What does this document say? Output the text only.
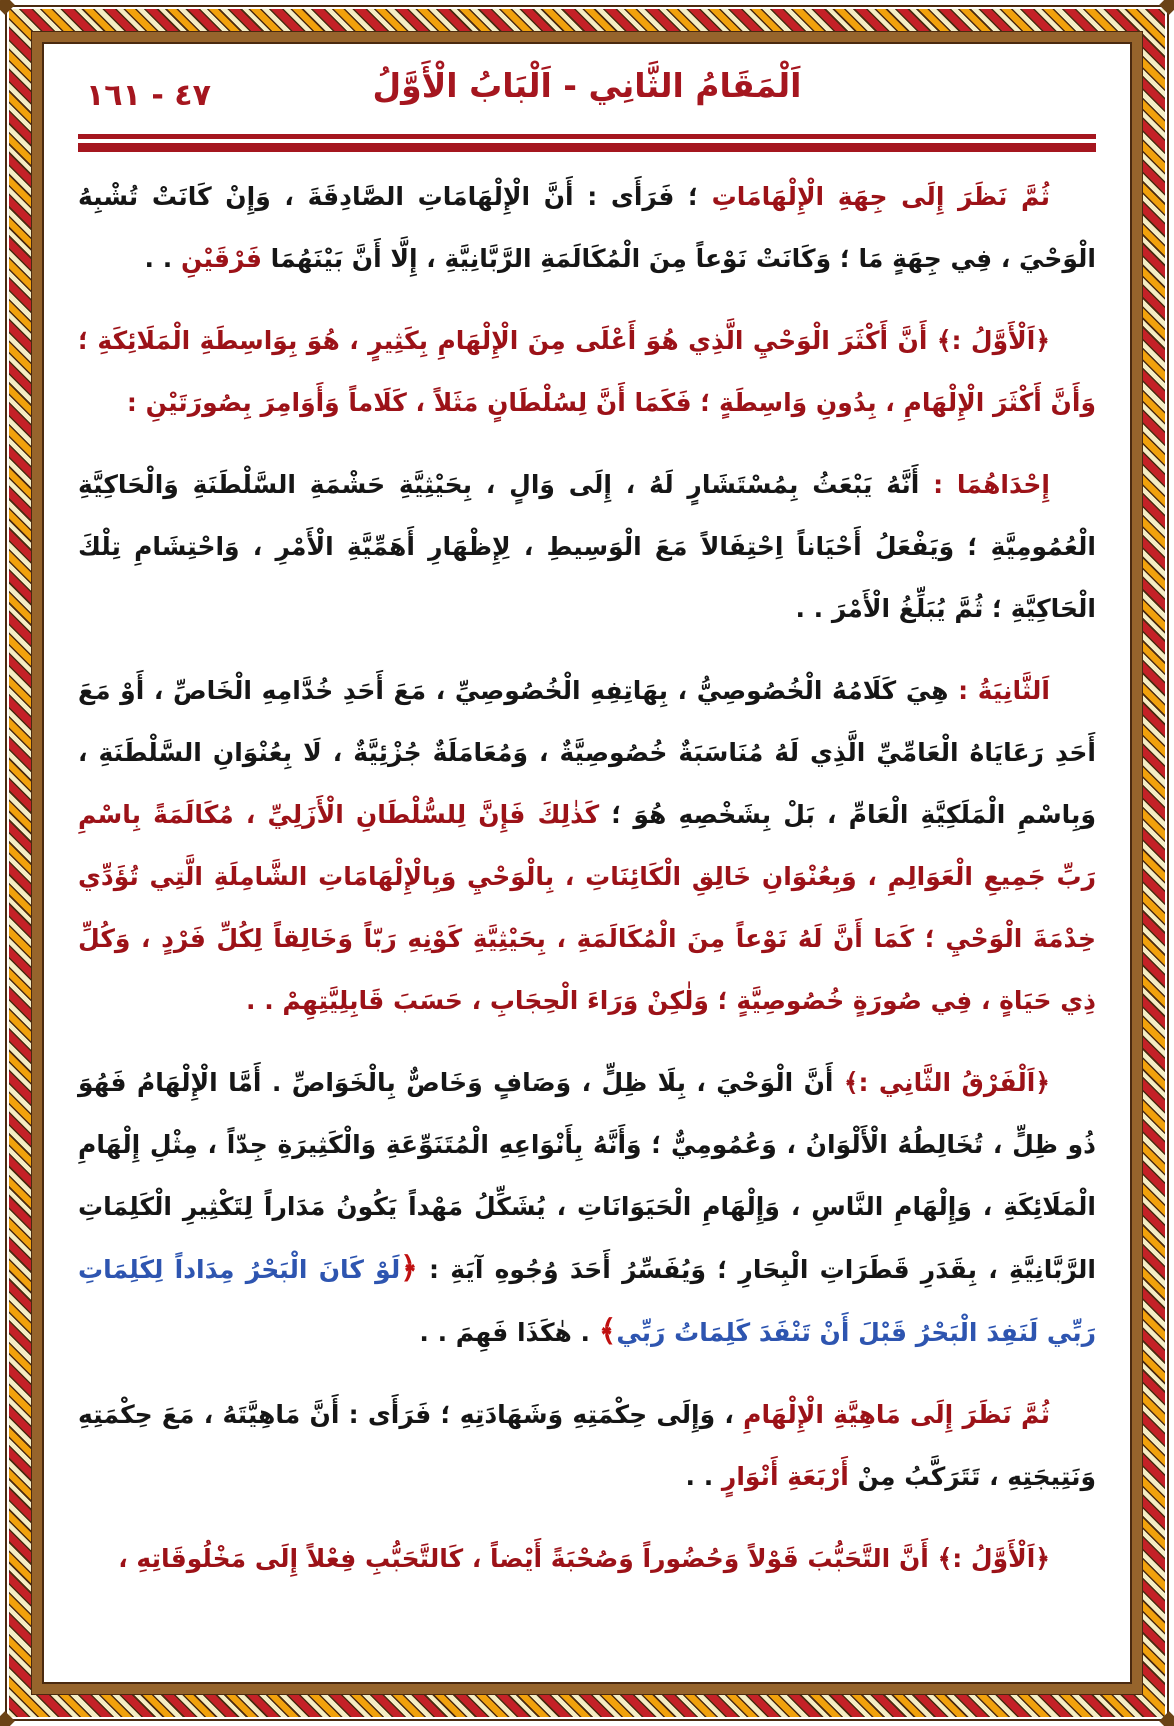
٤٧ - ١٦١	اَلْمَقَامُ الثَّانِي - اَلْبَابُ الْأَوَّلُ

ثُمَّ نَظَرَ إِلَى جِهَةِ الْإِلْهَامَاتِ ؛ فَرَأَى : أَنَّ الْإِلْهَامَاتِ الصَّادِقَةَ ، وَإِنْ كَانَتْ تُشْبِهُ الْوَحْيَ ، فِي جِهَةٍ مَا ؛ وَكَانَتْ نَوْعاً مِنَ الْمُكَالَمَةِ الرَّبَّانِيَّةِ ، إِلَّا أَنَّ بَيْنَهُمَا فَرْقَيْنِ . .

﴿اَلْأَوَّلُ :﴾ أَنَّ أَكْثَرَ الْوَحْيِ الَّذِي هُوَ أَعْلَى مِنَ الْإِلْهَامِ بِكَثِيرٍ ، هُوَ بِوَاسِطَةِ الْمَلَائِكَةِ ؛ وَأَنَّ أَكْثَرَ الْإِلْهَامِ ، بِدُونِ وَاسِطَةٍ ؛ فَكَمَا أَنَّ لِسُلْطَانٍ مَثَلاً ، كَلَاماً وَأَوَامِرَ بِصُورَتَيْنِ :

إِحْدَاهُمَا : أَنَّهُ يَبْعَثُ بِمُسْتَشَارٍ لَهُ ، إِلَى وَالٍ ، بِحَيْثِيَّةِ حَشْمَةِ السَّلْطَنَةِ وَالْحَاكِيَّةِ الْعُمُومِيَّةِ ؛ وَيَفْعَلُ أَحْيَاناً اِحْتِفَالاً مَعَ الْوَسِيطِ ، لِإِظْهَارِ أَهَمِّيَّةِ الْأَمْرِ ، وَاحْتِشَامِ تِلْكَ الْحَاكِيَّةِ ؛ ثُمَّ يُبَلِّغُ الْأَمْرَ . .

اَلثَّانِيَةُ : هِيَ كَلَامُهُ الْخُصُوصِيُّ ، بِهَاتِفِهِ الْخُصُوصِيِّ ، مَعَ أَحَدِ خُدَّامِهِ الْخَاصِّ ، أَوْ مَعَ أَحَدِ رَعَايَاهُ الْعَامِّيِّ الَّذِي لَهُ مُنَاسَبَةٌ خُصُوصِيَّةٌ ، وَمُعَامَلَةٌ جُزْئِيَّةٌ ، لَا بِعُنْوَانِ السَّلْطَنَةِ ، وَبِاسْمِ الْمَلَكِيَّةِ الْعَامِّ ، بَلْ بِشَخْصِهِ هُوَ ؛ كَذٰلِكَ فَإِنَّ لِلسُّلْطَانِ الْأَزَلِيِّ ، مُكَالَمَةً بِاسْمِ رَبِّ جَمِيعِ الْعَوَالِمِ ، وَبِعُنْوَانِ خَالِقِ الْكَائِنَاتِ ، بِالْوَحْيِ وَبِالْإِلْهَامَاتِ الشَّامِلَةِ الَّتِي تُؤَدِّي خِدْمَةَ الْوَحْيِ ؛ كَمَا أَنَّ لَهُ نَوْعاً مِنَ الْمُكَالَمَةِ ، بِحَيْثِيَّةِ كَوْنِهِ رَبّاً وَخَالِقاً لِكُلِّ فَرْدٍ ، وَكُلِّ ذِي حَيَاةٍ ، فِي صُورَةٍ خُصُوصِيَّةٍ ؛ وَلٰكِنْ وَرَاءَ الْحِجَابِ ، حَسَبَ قَابِلِيَّتِهِمْ . .

﴿اَلْفَرْقُ الثَّانِي :﴾ أَنَّ الْوَحْيَ ، بِلَا ظِلٍّ ، وَصَافٍ وَخَاصٌّ بِالْخَوَاصِّ . أَمَّا الْإِلْهَامُ فَهُوَ ذُو ظِلٍّ ، تُخَالِطُهُ الْأَلْوَانُ ، وَعُمُومِيٌّ ؛ وَأَنَّهُ بِأَنْوَاعِهِ الْمُتَنَوِّعَةِ وَالْكَثِيرَةِ جِدّاً ، مِثْلِ إِلْهَامِ الْمَلَائِكَةِ ، وَإِلْهَامِ النَّاسِ ، وَإِلْهَامِ الْحَيَوَانَاتِ ، يُشَكِّلُ مَهْداً يَكُونُ مَدَاراً لِتَكْثِيرِ الْكَلِمَاتِ الرَّبَّانِيَّةِ ، بِقَدَرِ قَطَرَاتِ الْبِحَارِ ؛ وَيُفَسِّرُ أَحَدَ وُجُوهِ آيَةِ : ﴿لَوْ كَانَ الْبَحْرُ مِدَاداً لِكَلِمَاتِ رَبِّي لَنَفِدَ الْبَحْرُ قَبْلَ أَنْ تَنْفَدَ كَلِمَاتُ رَبِّي﴾ . هٰكَذَا فَهِمَ . .

ثُمَّ نَظَرَ إِلَى مَاهِيَّةِ الْإِلْهَامِ ، وَإِلَى حِكْمَتِهِ وَشَهَادَتِهِ ؛ فَرَأَى : أَنَّ مَاهِيَّتَهُ ، مَعَ حِكْمَتِهِ وَنَتِيجَتِهِ ، تَتَرَكَّبُ مِنْ أَرْبَعَةِ أَنْوَارٍ . .

﴿اَلْأَوَّلُ :﴾ أَنَّ التَّحَبُّبَ قَوْلاً وَحُضُوراً وَصُحْبَةً أَيْضاً ، كَالتَّحَبُّبِ فِعْلاً إِلَى مَخْلُوقَاتِهِ ،
